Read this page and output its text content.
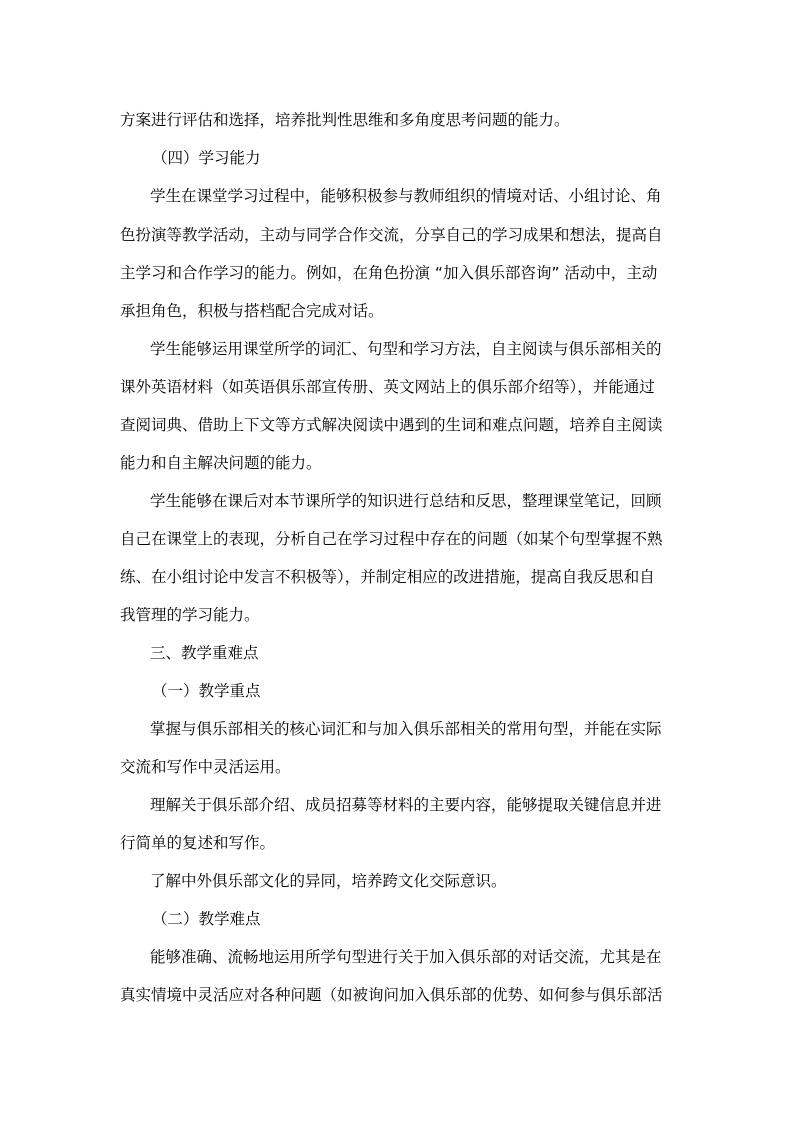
方案进行评估和选择，培养批判性思维和多角度思考问题的能力。
（四）学习能力
学生在课堂学习过程中，能够积极参与教师组织的情境对话、小组讨论、角
色扮演等教学活动，主动与同学合作交流，分享自己的学习成果和想法，提高自
主学习和合作学习的能力。例如，在角色扮演 “加入俱乐部咨询” 活动中，主动
承担角色，积极与搭档配合完成对话。
学生能够运用课堂所学的词汇、句型和学习方法，自主阅读与俱乐部相关的
课外英语材料（如英语俱乐部宣传册、英文网站上的俱乐部介绍等），并能通过
查阅词典、借助上下文等方式解决阅读中遇到的生词和难点问题，培养自主阅读
能力和自主解决问题的能力。
学生能够在课后对本节课所学的知识进行总结和反思，整理课堂笔记，回顾
自己在课堂上的表现，分析自己在学习过程中存在的问题（如某个句型掌握不熟
练、在小组讨论中发言不积极等），并制定相应的改进措施，提高自我反思和自
我管理的学习能力。
三、教学重难点
（一）教学重点
掌握与俱乐部相关的核心词汇和与加入俱乐部相关的常用句型，并能在实际
交流和写作中灵活运用。
理解关于俱乐部介绍、成员招募等材料的主要内容，能够提取关键信息并进
行简单的复述和写作。
了解中外俱乐部文化的异同，培养跨文化交际意识。
（二）教学难点
能够准确、流畅地运用所学句型进行关于加入俱乐部的对话交流，尤其是在
真实情境中灵活应对各种问题（如被询问加入俱乐部的优势、如何参与俱乐部活
